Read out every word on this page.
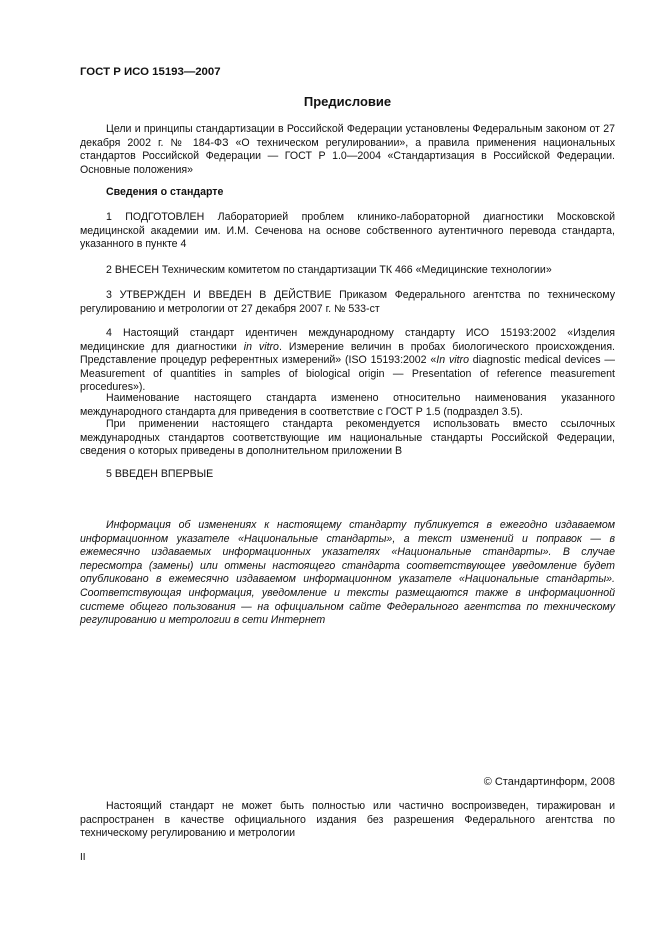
ГОСТ Р ИСО 15193—2007
Предисловие

Цели и принципы стандартизации в Российской Федерации установлены Федеральным законом от 27 декабря 2002 г. № 184-ФЗ «О техническом регулировании», а правила применения национальных стандартов Российской Федерации — ГОСТ Р 1.0—2004 «Стандартизация в Российской Федерации. Основные положения»

Сведения о стандарте

1 ПОДГОТОВЛЕН Лабораторией проблем клинико-лабораторной диагностики Московской медицинской академии им. И.М. Сеченова на основе собственного аутентичного перевода стандарта, указанного в пункте 4

2 ВНЕСЕН Техническим комитетом по стандартизации ТК 466 «Медицинские технологии»

3 УТВЕРЖДЕН И ВВЕДЕН В ДЕЙСТВИЕ Приказом Федерального агентства по техническому регулированию и метрологии от 27 декабря 2007 г. № 533-ст

4 Настоящий стандарт идентичен международному стандарту ИСО 15193:2002 «Изделия медицинские для диагностики in vitro. Измерение величин в пробах биологического происхождения. Представление процедур референтных измерений» (ISO 15193:2002 «In vitro diagnostic medical devices — Measurement of quantities in samples of biological origin — Presentation of reference measurement procedures»).

Наименование настоящего стандарта изменено относительно наименования указанного международного стандарта для приведения в соответствие с ГОСТ Р 1.5 (подраздел 3.5).

При применении настоящего стандарта рекомендуется использовать вместо ссылочных международных стандартов соответствующие им национальные стандарты Российской Федерации, сведения о которых приведены в дополнительном приложении В

5 ВВЕДЕН ВПЕРВЫЕ

Информация об изменениях к настоящему стандарту публикуется в ежегодно издаваемом информационном указателе «Национальные стандарты», а текст изменений и поправок — в ежемесячно издаваемых информационных указателях «Национальные стандарты». В случае пересмотра (замены) или отмены настоящего стандарта соответствующее уведомление будет опубликовано в ежемесячно издаваемом информационном указателе «Национальные стандарты». Соответствующая информация, уведомление и тексты размещаются также в информационной системе общего пользования — на официальном сайте Федерального агентства по техническому регулированию и метрологии в сети Интернет

© Стандартинформ, 2008

Настоящий стандарт не может быть полностью или частично воспроизведен, тиражирован и распространен в качестве официального издания без разрешения Федерального агентства по техническому регулированию и метрологии

II
